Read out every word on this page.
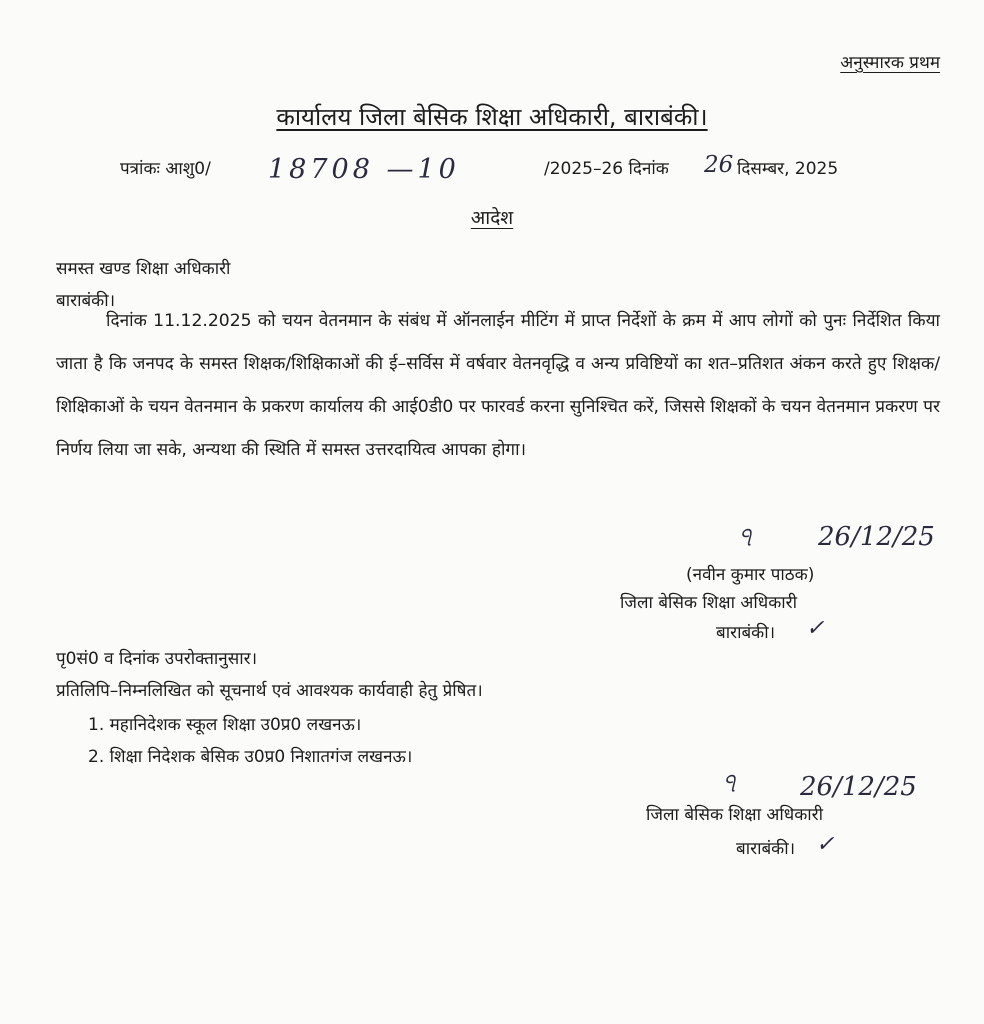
अनुस्मारक प्रथम
कार्यालय जिला बेसिक शिक्षा अधिकारी, बाराबंकी।
पत्रांकः आशु0/ 18708 —10	/2025–26 दिनांक 26 दिसम्बर, 2025
आदेश
समस्त खण्ड शिक्षा अधिकारी
बाराबंकी।
दिनांक 11.12.2025 को चयन वेतनमान के संबंध में ऑनलाईन मीटिंग में प्राप्त निर्देशों के क्रम में आप लोगों को पुनः निर्देशित किया जाता है कि जनपद के समस्त शिक्षक/शिक्षिकाओं की ई–सर्विस में वर्षवार वेतनवृद्धि व अन्य प्रविष्टियों का शत–प्रतिशत अंकन करते हुए शिक्षक/शिक्षिकाओं के चयन वेतनमान के प्रकरण कार्यालय की आई0डी0 पर फारवर्ड करना सुनिश्चित करें, जिससे शिक्षकों के चयन वेतनमान प्रकरण पर निर्णय लिया जा सके, अन्यथा की स्थिति में समस्त उत्तरदायित्व आपका होगा।
ঀ	26/12/25
(नवीन कुमार पाठक)
जिला बेसिक शिक्षा अधिकारी
बाराबंकी। ✓
पृ0सं0 व दिनांक उपरोक्तानुसार।
प्रतिलिपि–निम्नलिखित को सूचनार्थ एवं आवश्यक कार्यवाही हेतु प्रेषित।
1. महानिदेशक स्कूल शिक्षा उ0प्र0 लखनऊ।
2. शिक्षा निदेशक बेसिक उ0प्र0 निशातगंज लखनऊ।
ঀ 26/12/25
जिला बेसिक शिक्षा अधिकारी
बाराबंकी। ✓
